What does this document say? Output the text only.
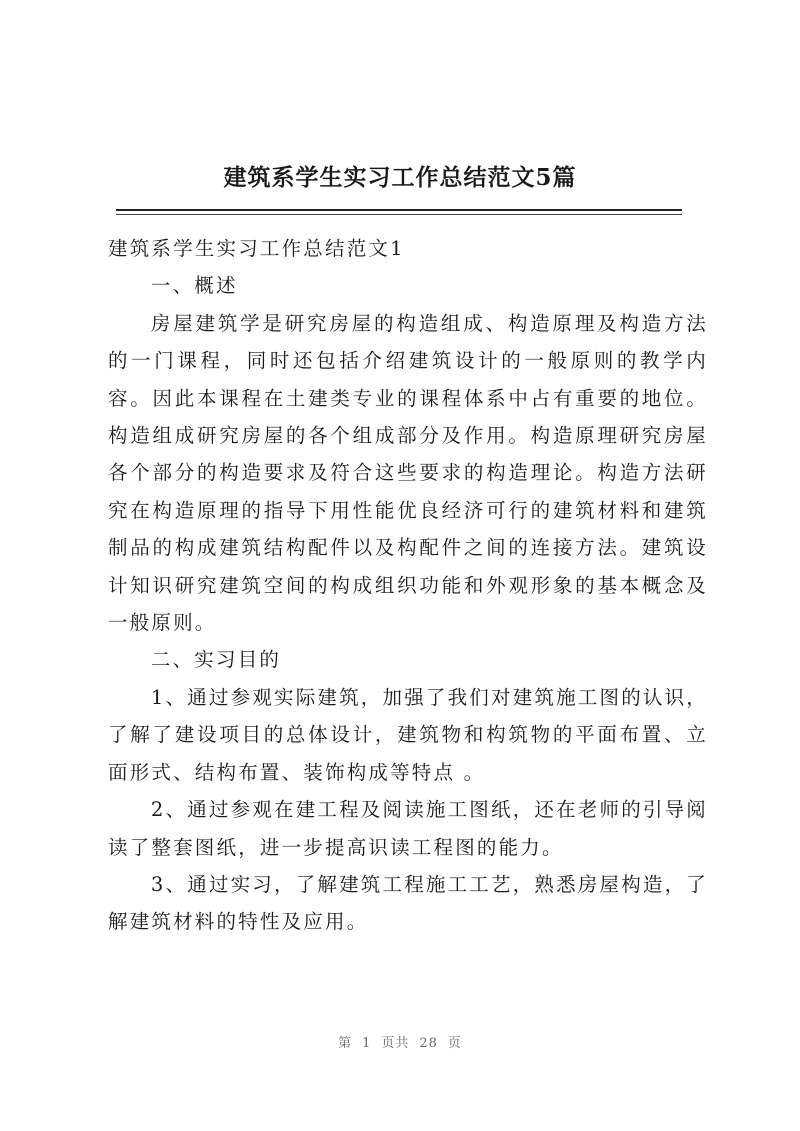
建筑系学生实习工作总结范文5篇

建筑系学生实习工作总结范文1

一、概述

房屋建筑学是研究房屋的构造组成、构造原理及构造方法的一门课程，同时还包括介绍建筑设计的一般原则的教学内容。因此本课程在土建类专业的课程体系中占有重要的地位。构造组成研究房屋的各个组成部分及作用。构造原理研究房屋各个部分的构造要求及符合这些要求的构造理论。构造方法研究在构造原理的指导下用性能优良经济可行的建筑材料和建筑制品的构成建筑结构配件以及构配件之间的连接方法。建筑设计知识研究建筑空间的构成组织功能和外观形象的基本概念及一般原则。

二、实习目的

1、通过参观实际建筑，加强了我们对建筑施工图的认识，了解了建设项目的总体设计，建筑物和构筑物的平面布置、立面形式、结构布置、装饰构成等特点 。

2、通过参观在建工程及阅读施工图纸，还在老师的引导阅读了整套图纸，进一步提高识读工程图的能力。

3、通过实习，了解建筑工程施工工艺，熟悉房屋构造，了解建筑材料的特性及应用。

第 1 页共 28 页
